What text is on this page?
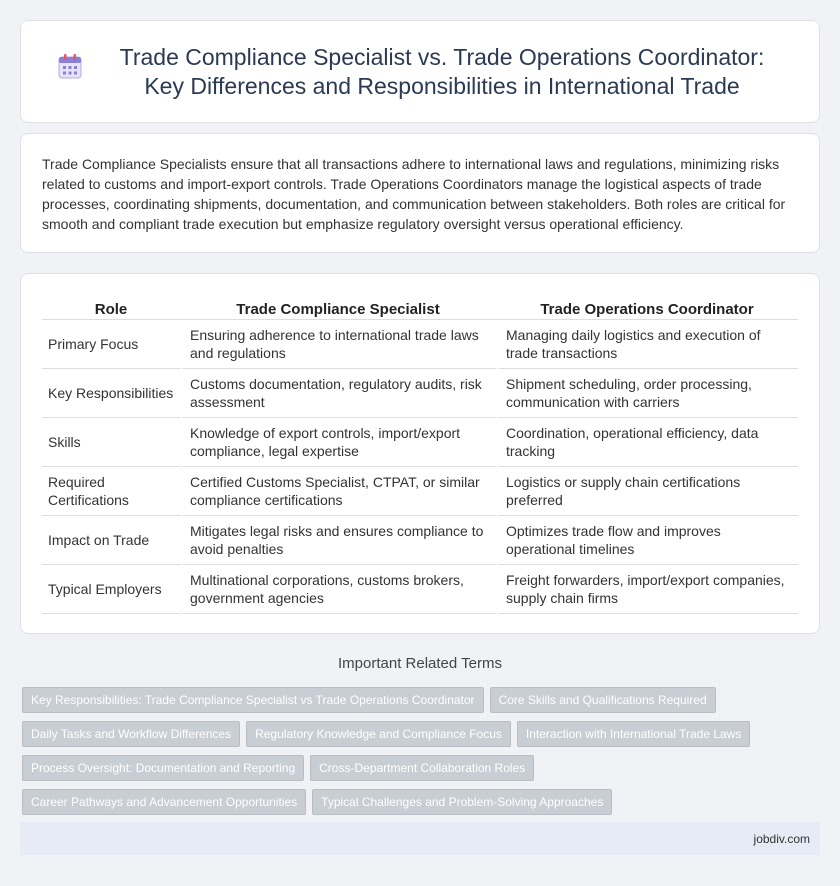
Trade Compliance Specialist vs. Trade Operations Coordinator: Key Differences and Responsibilities in International Trade

Trade Compliance Specialists ensure that all transactions adhere to international laws and regulations, minimizing risks related to customs and import-export controls. Trade Operations Coordinators manage the logistical aspects of trade processes, coordinating shipments, documentation, and communication between stakeholders. Both roles are critical for smooth and compliant trade execution but emphasize regulatory oversight versus operational efficiency.

Role	Trade Compliance Specialist	Trade Operations Coordinator
Primary Focus	Ensuring adherence to international trade laws and regulations	Managing daily logistics and execution of trade transactions
Key Responsibilities	Customs documentation, regulatory audits, risk assessment	Shipment scheduling, order processing, communication with carriers
Skills	Knowledge of export controls, import/export compliance, legal expertise	Coordination, operational efficiency, data tracking
Required Certifications	Certified Customs Specialist, CTPAT, or similar compliance certifications	Logistics or supply chain certifications preferred
Impact on Trade	Mitigates legal risks and ensures compliance to avoid penalties	Optimizes trade flow and improves operational timelines
Typical Employers	Multinational corporations, customs brokers, government agencies	Freight forwarders, import/export companies, supply chain firms
Important Related Terms
Key Responsibilities: Trade Compliance Specialist vs Trade Operations Coordinator	Core Skills and Qualifications Required
Daily Tasks and Workflow Differences	Regulatory Knowledge and Compliance Focus	Interaction with International Trade Laws
Process Oversight: Documentation and Reporting	Cross-Department Collaboration Roles
Career Pathways and Advancement Opportunities	Typical Challenges and Problem-Solving Approaches
jobdiv.com
